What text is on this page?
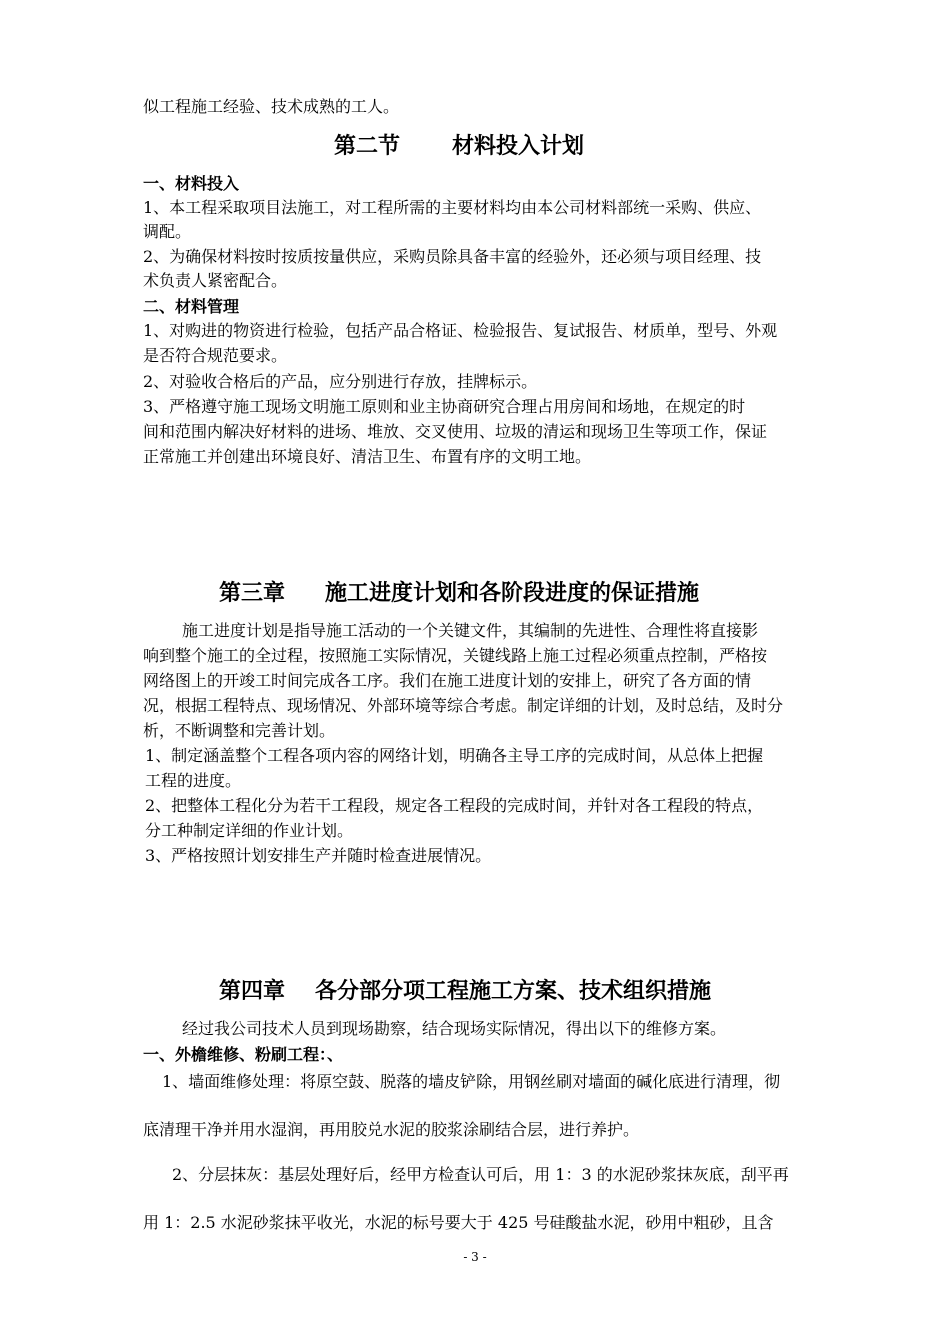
似工程施工经验、技术成熟的工人。
第二节 材料投入计划
一、材料投入
1、本工程采取项目法施工，对工程所需的主要材料均由本公司材料部统一采购、供应、
调配。
2、为确保材料按时按质按量供应，采购员除具备丰富的经验外，还必须与项目经理、技
术负责人紧密配合。
二、材料管理
1、对购进的物资进行检验，包括产品合格证、检验报告、复试报告、材质单，型号、外观
是否符合规范要求。
2、对验收合格后的产品，应分别进行存放，挂牌标示。
3、严格遵守施工现场文明施工原则和业主协商研究合理占用房间和场地，在规定的时
间和范围内解决好材料的进场、堆放、交叉使用、垃圾的清运和现场卫生等项工作，保证
正常施工并创建出环境良好、清洁卫生、布置有序的文明工地。
第三章 施工进度计划和各阶段进度的保证措施
施工进度计划是指导施工活动的一个关键文件，其编制的先进性、合理性将直接影
响到整个施工的全过程，按照施工实际情况，关键线路上施工过程必须重点控制，严格按
网络图上的开竣工时间完成各工序。我们在施工进度计划的安排上，研究了各方面的情
况，根据工程特点、现场情况、外部环境等综合考虑。制定详细的计划，及时总结，及时分
析，不断调整和完善计划。
1、制定涵盖整个工程各项内容的网络计划，明确各主导工序的完成时间，从总体上把握
工程的进度。
2、把整体工程化分为若干工程段，规定各工程段的完成时间，并针对各工程段的特点，
分工种制定详细的作业计划。
3、严格按照计划安排生产并随时检查进展情况。
第四章 各分部分项工程施工方案、技术组织措施
经过我公司技术人员到现场勘察，结合现场实际情况，得出以下的维修方案。
一、外檐维修、粉刷工程：、
1、墙面维修处理：将原空鼓、脱落的墙皮铲除，用钢丝刷对墙面的碱化底进行清理，彻
底清理干净并用水湿润，再用胶兑水泥的胶浆涂刷结合层，进行养护。
2、分层抹灰：基层处理好后，经甲方检查认可后，用 1：3 的水泥砂浆抹灰底，刮平再
用 1：2.5 水泥砂浆抹平收光，水泥的标号要大于 425 号硅酸盐水泥，砂用中粗砂，且含
- 3 -
